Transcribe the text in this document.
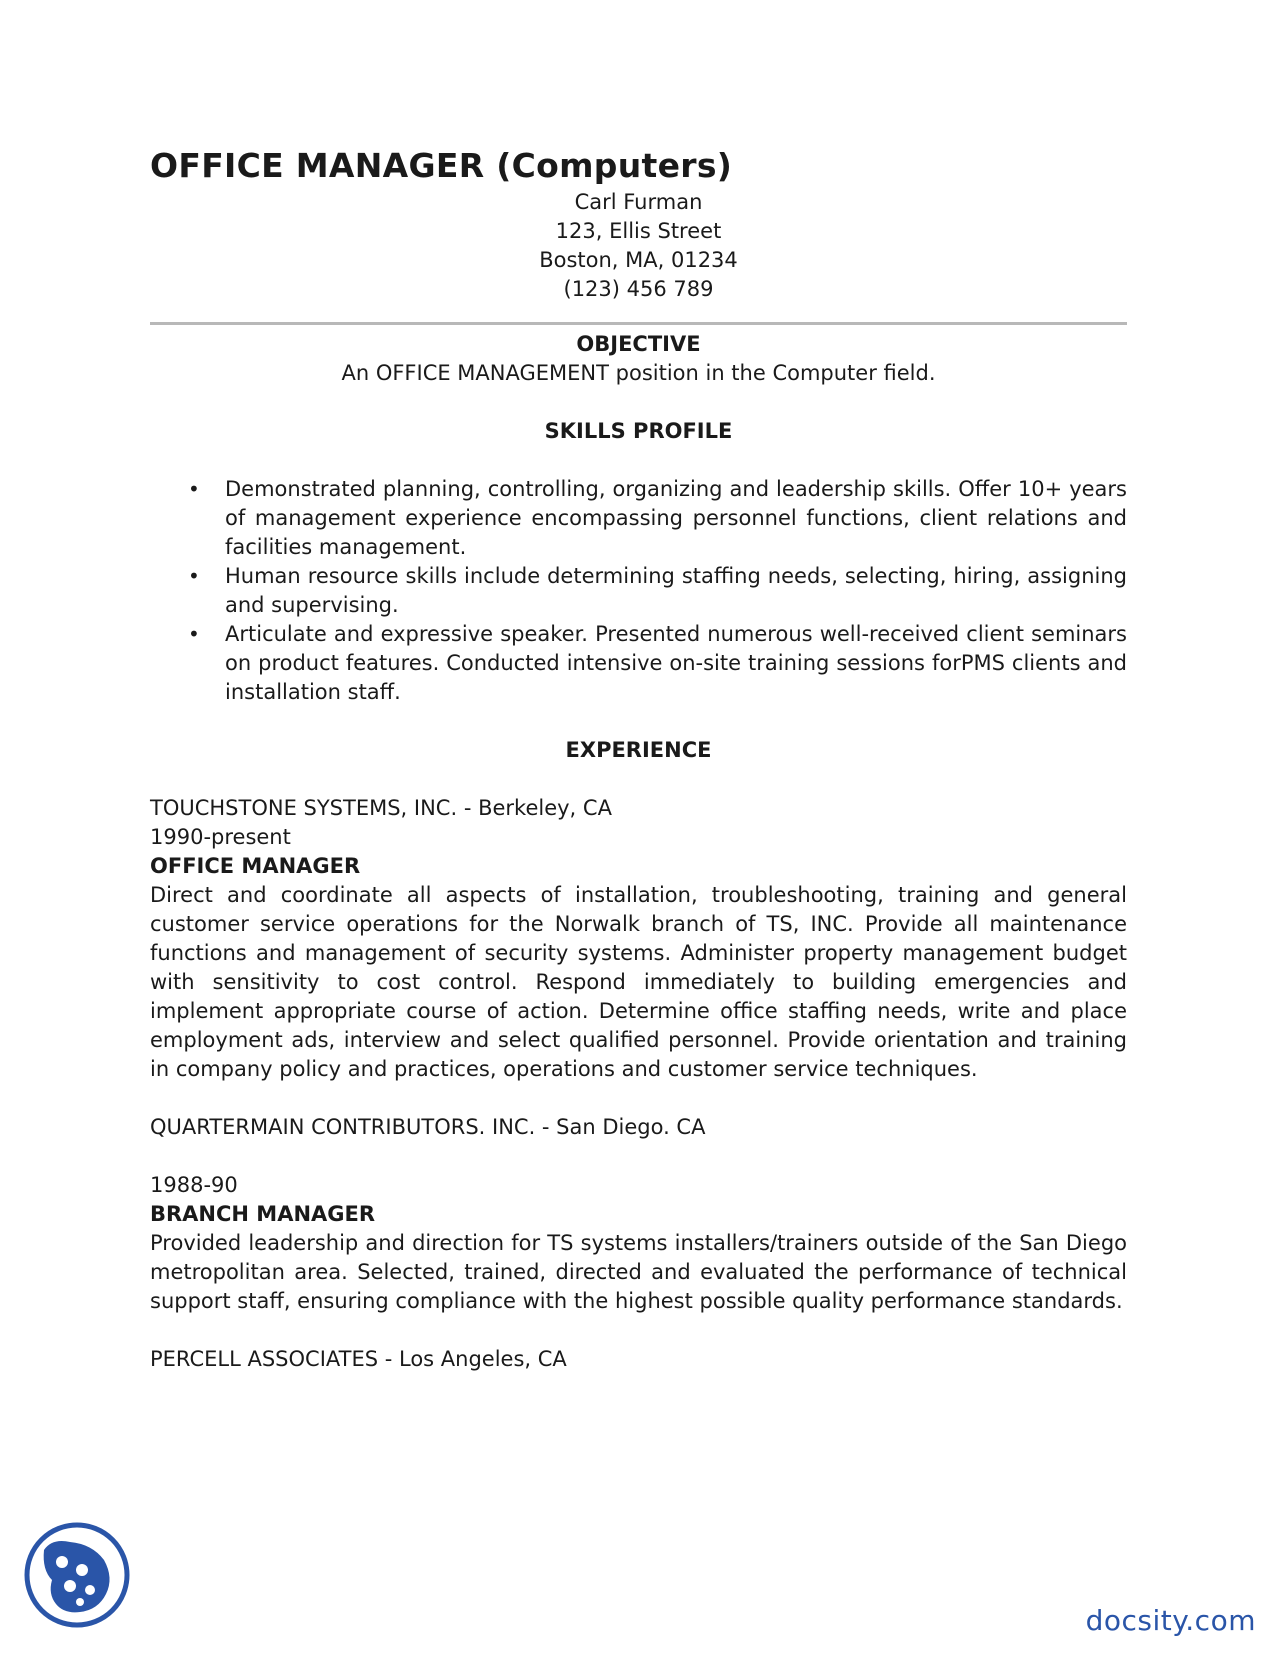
OFFICE MANAGER (Computers)
Carl Furman
123, Ellis Street
Boston, MA, 01234
(123) 456 789
OBJECTIVE
An OFFICE MANAGEMENT position in the Computer field.
SKILLS PROFILE
• Demonstrated planning, controlling, organizing and leadership skills. Offer 10+ years of management experience encompassing personnel functions, client relations and facilities management.
• Human resource skills include determining staffing needs, selecting, hiring, assigning and supervising.
• Articulate and expressive speaker. Presented numerous well-received client seminars on product features. Conducted intensive on-site training sessions forPMS clients and installation staff.
EXPERIENCE

TOUCHSTONE SYSTEMS, INC. - Berkeley, CA

1990-present

OFFICE MANAGER

Direct and coordinate all aspects of installation, troubleshooting, training and general customer service operations for the Norwalk branch of TS, INC. Provide all maintenance functions and management of security systems. Administer property management budget with sensitivity to cost control. Respond immediately to building emergencies and implement appropriate course of action. Determine office staffing needs, write and place employment ads, interview and select qualified personnel. Provide orientation and training in company policy and practices, operations and customer service techniques.

QUARTERMAIN CONTRIBUTORS. INC. - San Diego. CA

1988-90

BRANCH MANAGER

Provided leadership and direction for TS systems installers/trainers outside of the San Diego metropolitan area. Selected, trained, directed and evaluated the performance of technical support staff, ensuring compliance with the highest possible quality performance standards.

PERCELL ASSOCIATES - Los Angeles, CA

docsity.com
